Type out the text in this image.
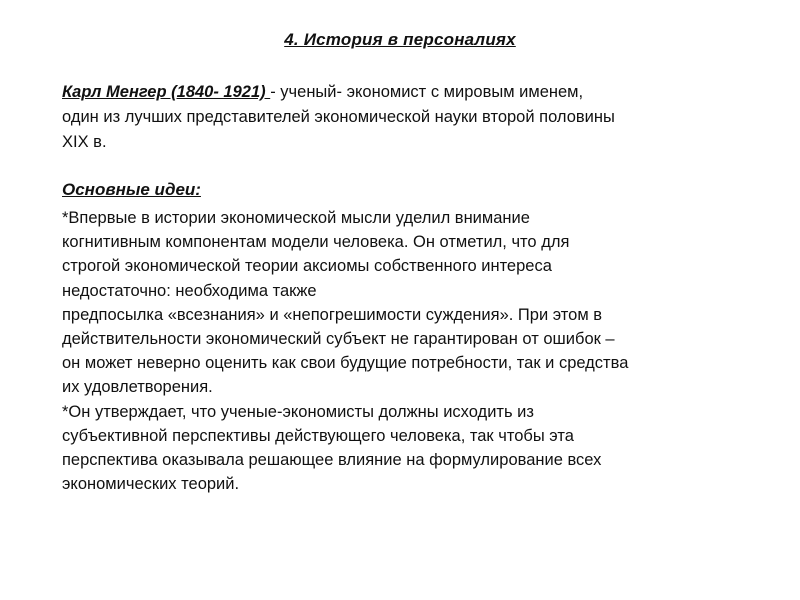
4. История в персоналиях
Карл Менгер (1840- 1921) - ученый- экономист с мировым именем,
один из лучших представителей экономической науки второй половины
XIX в.
Основные идеи:
*Впервые в истории экономической мысли уделил внимание
когнитивным компонентам модели человека. Он отметил, что для
строгой экономической теории аксиомы собственного интереса
недостаточно: необходима также
предпосылка «всезнания» и «непогрешимости суждения». При этом в
действительности экономический субъект не гарантирован от ошибок –
он может неверно оценить как свои будущие потребности, так и средства
их удовлетворения.
*Он утверждает, что ученые-экономисты должны исходить из
субъективной перспективы действующего человека, так чтобы эта
перспектива оказывала решающее влияние на формулирование всех
экономических теорий.
